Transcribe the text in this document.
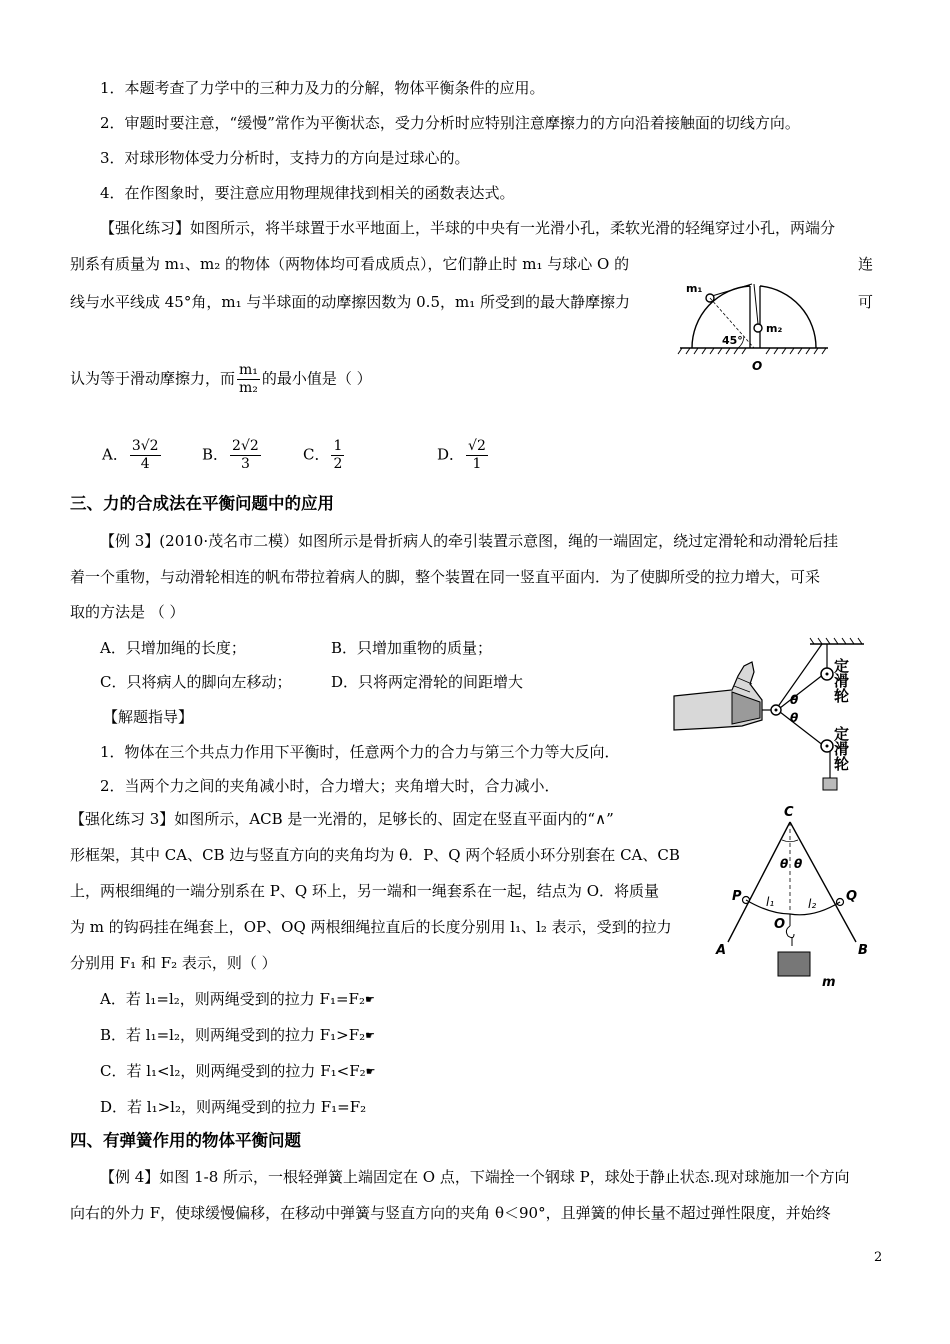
1．本题考查了力学中的三种力及力的分解，物体平衡条件的应用。
2．审题时要注意，“缓慢”常作为平衡状态，受力分析时应特别注意摩擦力的方向沿着接触面的切线方向。
3．对球形物体受力分析时，支持力的方向是过球心的。
4．在作图象时，要注意应用物理规律找到相关的函数表达式。
【强化练习】如图所示，将半球置于水平地面上，半球的中央有一光滑小孔，柔软光滑的轻绳穿过小孔，两端分
别系有质量为 m₁、m₂ 的物体（两物体均可看成质点），它们静止时 m₁ 与球心 O 的	连
线与水平线成 45°角，m₁ 与半球面的动摩擦因数为 0.5，m₁ 所受到的最大静摩擦力	可
认为等于滑动摩擦力，而 $\frac{\text{m₁}}{\text{m₂}}$ 的最小值是（ ）
A． $\frac{3√2}{4}$	B． $\frac{2√2}{3}$	C． $\frac{1}{2}$	D． $\frac{√2}{1}$
m₁
m₂
45°
O
三、力的合成法在平衡问题中的应用
【例 3】(2010·茂名市二模）如图所示是骨折病人的牵引装置示意图，绳的一端固定，绕过定滑轮和动滑轮后挂
着一个重物，与动滑轮相连的帆布带拉着病人的脚，整个装置在同一竖直平面内．为了使脚所受的拉力增大，可采
取的方法是 （ ）
A．只增加绳的长度；	B．只增加重物的质量；
C．只将病人的脚向左移动；	D．只将两定滑轮的间距增大
【解题指导】
1．物体在三个共点力作用下平衡时，任意两个力的合力与第三个力等大反向．
2．当两个力之间的夹角减小时，合力增大；夹角增大时，合力减小．
θ
θ
定滑轮
定滑轮
【强化练习 3】如图所示，ACB 是一光滑的，足够长的、固定在竖直平面内的“∧”
形框架，其中 CA、CB 边与竖直方向的夹角均为 θ．P、Q 两个轻质小环分别套在 CA、CB
上，两根细绳的一端分别系在 P、Q 环上，另一端和一绳套系在一起，结点为 O．将质量
为 m 的钩码挂在绳套上，OP、OQ 两根细绳拉直后的长度分别用 l₁、l₂ 表示，受到的拉力
分别用 F₁ 和 F₂ 表示，则（ ）
A．若 l₁=l₂，则两绳受到的拉力 F₁=F₂☛
B．若 l₁=l₂，则两绳受到的拉力 F₁>F₂☛
C．若 l₁<l₂，则两绳受到的拉力 F₁<F₂☛
D．若 l₁>l₂，则两绳受到的拉力 F₁=F₂
C
P	Q
A	B
O
l₁	l₂
θ θ
m
四、有弹簧作用的物体平衡问题
【例 4】如图 1-8 所示，一根轻弹簧上端固定在 O 点，下端拴一个钢球 P，球处于静止状态.现对球施加一个方向
向右的外力 F，使球缓慢偏移，在移动中弹簧与竖直方向的夹角 θ＜90°，且弹簧的伸长量不超过弹性限度，并始终
2
